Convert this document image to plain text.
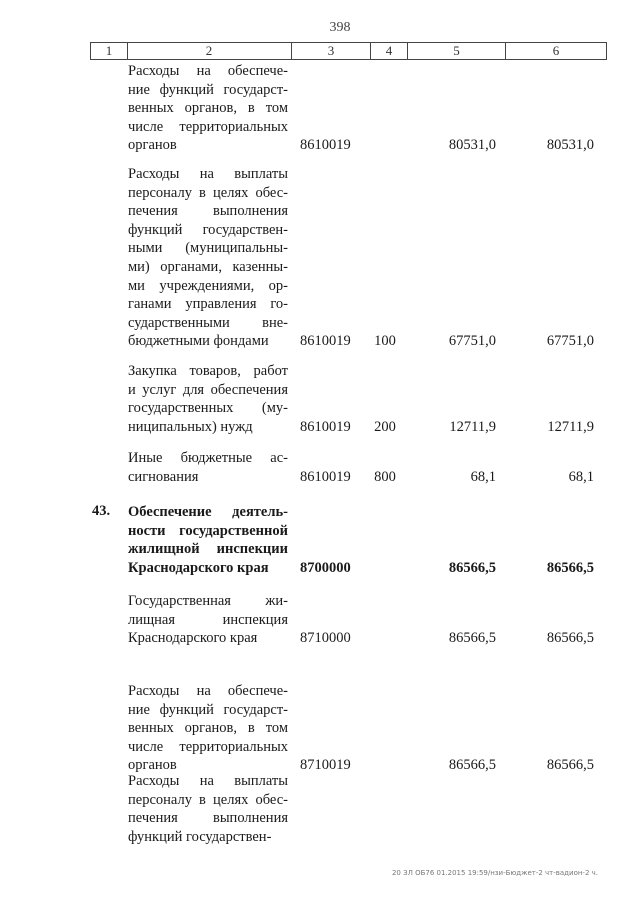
398
1	2	3	4	5	6
Расходы на обеспече-
ние функций государст-
венных органов, в том
числе территориальных
органов	8610019	80531,0	80531,0
Расходы на выплаты
персоналу в целях обес-
печения выполнения
функций государствен-
ными (муниципальны-
ми) органами, казенны-
ми учреждениями, ор-
ганами управления го-
сударственными вне-
бюджетными фондами	8610019 100	67751,0	67751,0
Закупка товаров, работ
и услуг для обеспечения
государственных (му-
ниципальных) нужд	8610019 200	12711,9	12711,9
Иные бюджетные ас-
сигнования	8610019 800	68,1	68,1
43. Обеспечение деятель-
ности государственной
жилищной инспекции
Краснодарского края	8700000	86566,5	86566,5
Государственная жи-
лищная инспекция
Краснодарского края	8710000	86566,5	86566,5
Расходы на обеспече-
ние функций государст-
венных органов, в том
числе территориальных
органов	8710019	86566,5	86566,5
Расходы на выплаты
персоналу в целях обес-
печения выполнения
функций государствен-
20 ЗЛ ОБ76 01.2015 19:59/нзи-Бюджет-2 чт-вадион-2 ч.
